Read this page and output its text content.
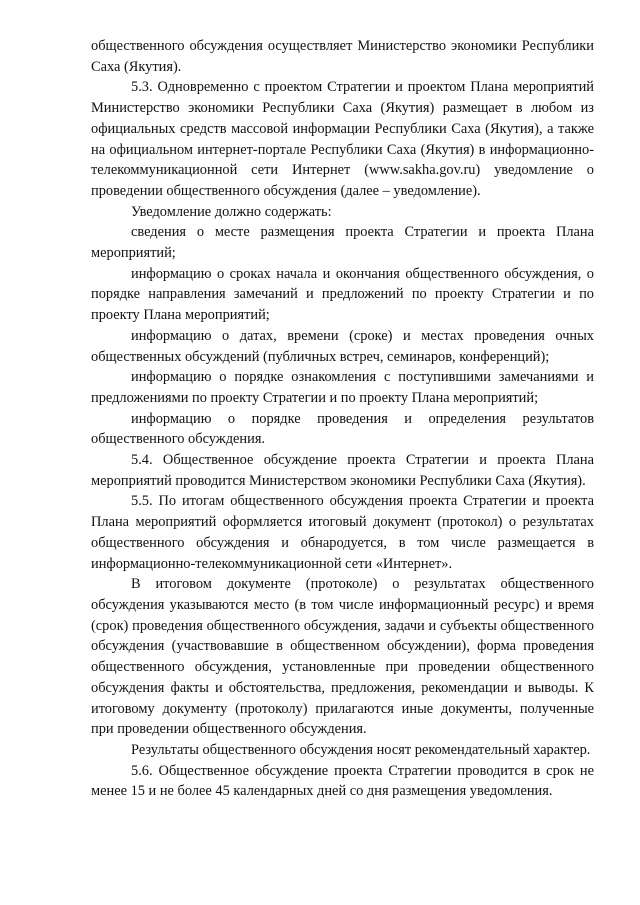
общественного обсуждения осуществляет Министерство экономики Республики Саха (Якутия).

5.3. Одновременно с проектом Стратегии и проектом Плана мероприятий Министерство экономики Республики Саха (Якутия) размещает в любом из официальных средств массовой информации Республики Саха (Якутия), а также на официальном интернет-портале Республики Саха (Якутия) в информационно-телекоммуникационной сети Интернет (www.sakha.gov.ru) уведомление о проведении общественного обсуждения (далее – уведомление).

Уведомление должно содержать:

сведения о месте размещения проекта Стратегии и проекта Плана мероприятий;

информацию о сроках начала и окончания общественного обсуждения, о порядке направления замечаний и предложений по проекту Стратегии и по проекту Плана мероприятий;

информацию о датах, времени (сроке) и местах проведения очных общественных обсуждений (публичных встреч, семинаров, конференций);

информацию о порядке ознакомления с поступившими замечаниями и предложениями по проекту Стратегии и по проекту Плана мероприятий;

информацию о порядке проведения и определения результатов общественного обсуждения.

5.4. Общественное обсуждение проекта Стратегии и проекта Плана мероприятий проводится Министерством экономики Республики Саха (Якутия).

5.5. По итогам общественного обсуждения проекта Стратегии и проекта Плана мероприятий оформляется итоговый документ (протокол) о результатах общественного обсуждения и обнародуется, в том числе размещается в информационно-телекоммуникационной сети «Интернет».

В итоговом документе (протоколе) о результатах общественного обсуждения указываются место (в том числе информационный ресурс) и время (срок) проведения общественного обсуждения, задачи и субъекты общественного обсуждения (участвовавшие в общественном обсуждении), форма проведения общественного обсуждения, установленные при проведении общественного обсуждения факты и обстоятельства, предложения, рекомендации и выводы. К итоговому документу (протоколу) прилагаются иные документы, полученные при проведении общественного обсуждения.

Результаты общественного обсуждения носят рекомендательный характер.

5.6. Общественное обсуждение проекта Стратегии проводится в срок не менее 15 и не более 45 календарных дней со дня размещения уведомления.
